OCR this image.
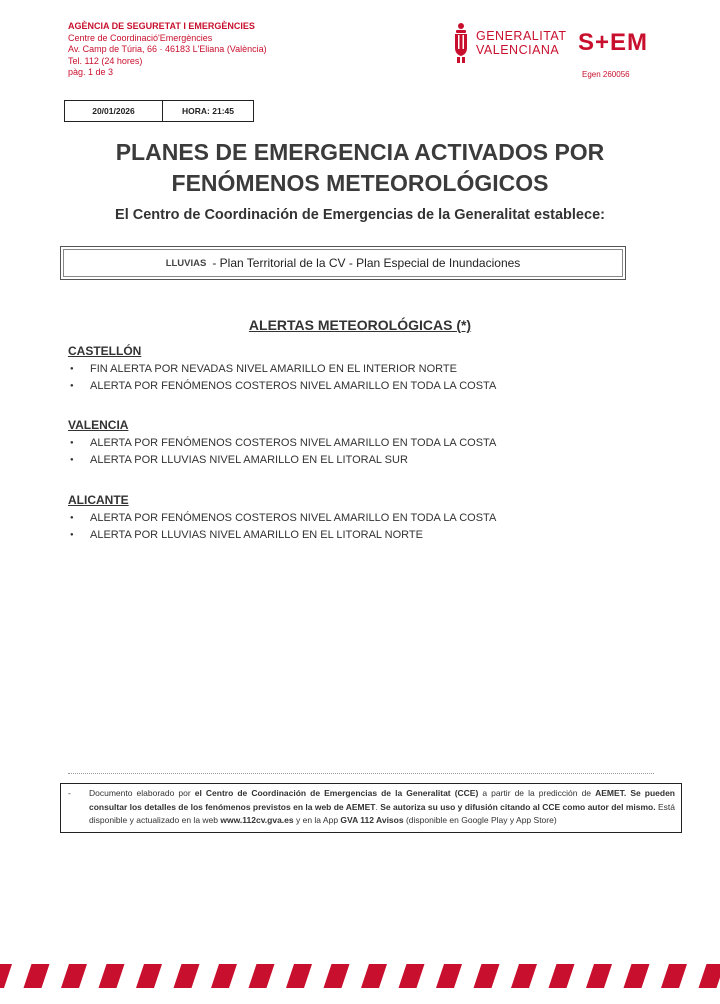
AGÈNCIA DE SEGURETAT I EMERGÈNCIES
Centre de Coordinació'Emergències
Av. Camp de Túria, 66 · 46183 L'Eliana (València)
Tel. 112 (24 hores)
pàg. 1 de 3
GENERALITAT
VALENCIANA S+EM
Egen 260056
20/01/2026	HORA: 21:45
PLANES DE EMERGENCIA ACTIVADOS POR
FENÓMENOS METEOROLÓGICOS
El Centro de Coordinación de Emergencias de la Generalitat establece:
LLUVIAS - Plan Territorial de la CV - Plan Especial de Inundaciones
ALERTAS METEOROLÓGICAS (*)
CASTELLÓN
● FIN ALERTA POR NEVADAS NIVEL AMARILLO EN EL INTERIOR NORTE
● ALERTA POR FENÓMENOS COSTEROS NIVEL AMARILLO EN TODA LA COSTA
VALENCIA
● ALERTA POR FENÓMENOS COSTEROS NIVEL AMARILLO EN TODA LA COSTA
● ALERTA POR LLUVIAS NIVEL AMARILLO EN EL LITORAL SUR
ALICANTE
● ALERTA POR FENÓMENOS COSTEROS NIVEL AMARILLO EN TODA LA COSTA
● ALERTA POR LLUVIAS NIVEL AMARILLO EN EL LITORAL NORTE
- Documento elaborado por el Centro de Coordinación de Emergencias de la Generalitat (CCE) a partir de la predicción de AEMET. Se pueden consultar los detalles de los fenómenos previstos en la web de AEMET. Se autoriza su uso y difusión citando al CCE como autor del mismo. Está disponible y actualizado en la web www.112cv.gva.es y en la App GVA 112 Avisos (disponible en Google Play y App Store)
